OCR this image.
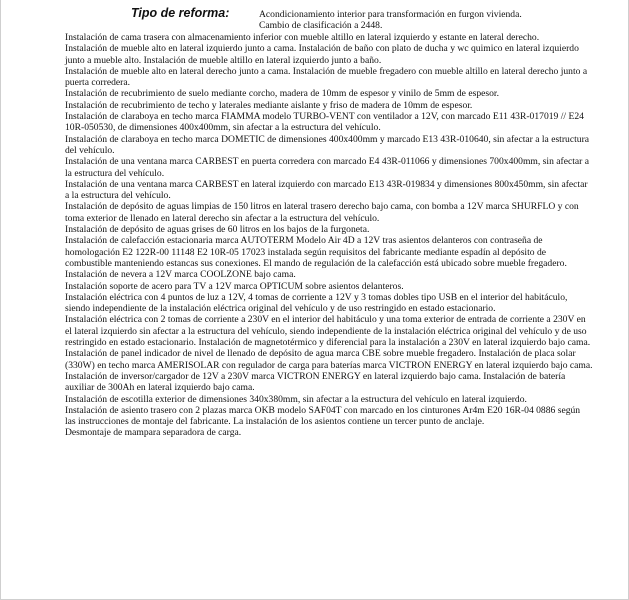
Tipo de reforma:	Acondicionamiento interior para transformación en furgon vivienda.
Cambio de clasificación a 2448.

Instalación de cama trasera con almacenamiento inferior con mueble altillo en lateral izquierdo y estante en lateral derecho.

Instalación de mueble alto en lateral izquierdo junto a cama. Instalación de baño con plato de ducha y wc quimico en lateral izquierdo junto a mueble alto. Instalación de mueble altillo en lateral izquierdo junto a baño.

Instalación de mueble alto en lateral derecho junto a cama. Instalación de mueble fregadero con mueble altillo en lateral derecho junto a puerta corredera.

Instalación de recubrimiento de suelo mediante corcho, madera de 10mm de espesor y vinilo de 5mm de espesor.

Instalación de recubrimiento de techo y laterales mediante aislante y friso de madera de 10mm de espesor.

Instalación de claraboya en techo marca FIAMMA modelo TURBO-VENT con ventilador a 12V, con marcado E11 43R-017019 // E24 10R-050530, de dimensiones 400x400mm, sin afectar a la estructura del vehículo.

Instalación de claraboya en techo marca DOMETIC de dimensiones 400x400mm y marcado E13 43R-010640, sin afectar a la estructura del vehículo.

Instalación de una ventana marca CARBEST en puerta corredera con marcado E4 43R-011066 y dimensiones 700x400mm, sin afectar a la estructura del vehículo.

Instalación de una ventana marca CARBEST en lateral izquierdo con marcado E13 43R-019834 y dimensiones 800x450mm, sin afectar a la estructura del vehículo.

Instalación de depósito de aguas limpias de 150 litros en lateral trasero derecho bajo cama, con bomba a 12V marca SHURFLO y con toma exterior de llenado en lateral derecho sin afectar a la estructura del vehículo.

Instalación de depósito de aguas grises de 60 litros en los bajos de la furgoneta.

Instalación de calefacción estacionaria marca AUTOTERM Modelo Air 4D a 12V tras asientos delanteros con contraseña de homologación E2 122R-00 11148 E2 10R-05 17023 instalada según requisitos del fabricante mediante espadín al depósito de combustible manteniendo estancas sus conexiones. El mando de regulación de la calefacción está ubicado sobre mueble fregadero. Instalación de nevera a 12V marca COOLZONE bajo cama.

Instalación soporte de acero para TV a 12V marca OPTICUM sobre asientos delanteros.

Instalación eléctrica con 4 puntos de luz a 12V, 4 tomas de corriente a 12V y 3 tomas dobles tipo USB en el interior del habitáculo, siendo independiente de la instalación eléctrica original del vehículo y de uso restringido en estado estacionario.

Instalación eléctrica con 2 tomas de corriente a 230V en el interior del habitáculo y una toma exterior de entrada de corriente a 230V en el lateral izquierdo sin afectar a la estructura del vehículo, siendo independiente de la instalación eléctrica original del vehículo y de uso restringido en estado estacionario. Instalación de magnetotérmico y diferencial para la instalación a 230V en lateral izquierdo bajo cama. Instalación de panel indicador de nivel de llenado de depósito de agua marca CBE sobre mueble fregadero. Instalación de placa solar (330W) en techo marca AMERISOLAR con regulador de carga para baterías marca VICTRON ENERGY en lateral izquierdo bajo cama. Instalación de inversor/cargador de 12V a 230V marca VICTRON ENERGY en lateral izquierdo bajo cama. Instalación de batería auxiliar de 300Ah en lateral izquierdo bajo cama.

Instalación de escotilla exterior de dimensiones 340x380mm, sin afectar a la estructura del vehículo en lateral izquierdo.

Instalación de asiento trasero con 2 plazas marca OKB modelo SAF04T con marcado en los cinturones Ar4m E20 16R-04 0886 según las instrucciones de montaje del fabricante. La instalación de los asientos contiene un tercer punto de anclaje.

Desmontaje de mampara separadora de carga.
